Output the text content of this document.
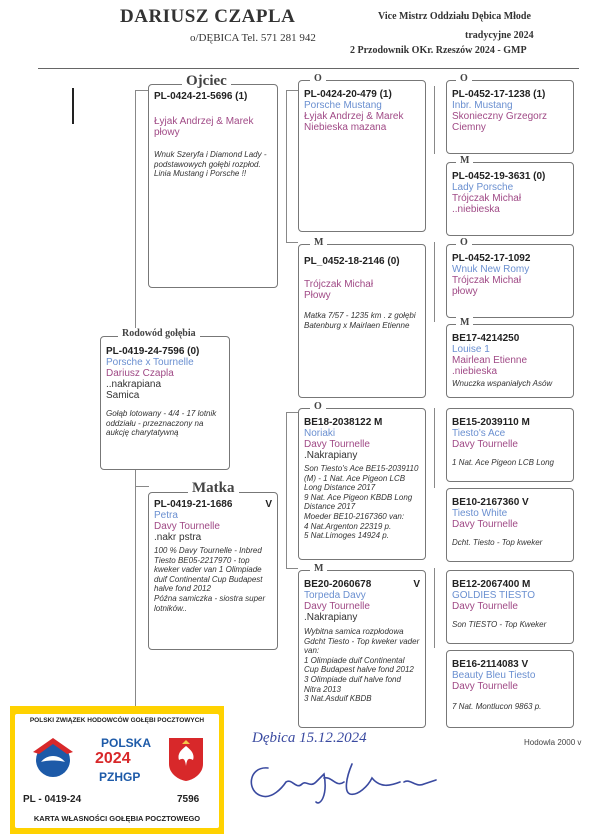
DARIUSZ CZAPLA
o/DĘBICA Tel. 571 281 942
Vice Mistrz Oddziału Dębica Młode
tradycyjne 2024
2 Przodownik OKr. Rzeszów 2024 - GMP
PL-0424-21-5696 (1)
Łyjak Andrzej & Marek
płowy
Wnuk Szeryfa i Diamond Lady - podstawowych gołębi rozpłod. Linia Mustang i Porsche !!
Ojciec
PL-0419-24-7596 (0)
Porsche x Tournelle
Dariusz Czapla
..nakrapiana
Samica
Gołąb lotowany - 4/4 - 17 lotnik oddziału - przeznaczony na aukcję charytatywną
Rodowód gołębia
PL-0419-21-1686	V
Petra
Davy Tournelle
.nakr pstra
100 % Davy Tournelle - Inbred Tiesto BE05-2217970 - top kweker vader van 1 Olimpiade duif Continental Cup Budapest halve fond 2012
Późna samiczka - siostra super lotników..
Matka
PL-0424-20-479 (1)
Porsche Mustang
Łyjak Andrzej & Marek
Niebieska mazana
O
PL_0452-18-2146 (0)
Trójczak Michał
Płowy
Matka 7/57 - 1235 km . z gołębi Batenburg x Mairlaen Etienne
M
BE18-2038122 M
Noriaki
Davy Tournelle
.Nakrapiany
Son Tiesto's Ace BE15-2039110 (M) - 1 Nat. Ace Pigeon LCB Long Distance 2017
9 Nat. Ace Pigeon KBDB Long Distance 2017
Moeder BE10-2167360 van:
4 Nat.Argenton 22319 p.
5 Nat.Limoges 14924 p.
O
BE20-2060678	V
Torpeda Davy
Davy Tournelle
.Nakrapiany
Wybitna samica rozpłodowa Gdcht Tiesto - Top kweker vader van:
1 Olimpiade duif Continental Cup Budapest halve fond 2012
3 Olimpiade duif halve fond Nitra 2013
3 Nat.Asduif KBDB
M
PL-0452-17-1238 (1)
Inbr. Mustang
Skonieczny Grzegorz
Ciemny
O
PL-0452-19-3631 (0)
Lady Porsche
Trójczak Michał
..niebieska
M
PL-0452-17-1092
Wnuk New Romy
Trójczak Michał
płowy
O
BE17-4214250
Louise 1
Mairlean Etienne
.niebieska
Wnuczka wspaniałych Asów
M
BE15-2039110 M
Tiesto's Ace
Davy Tournelle
1 Nat. Ace Pigeon LCB Long
BE10-2167360 V
Tiesto White
Davy Tournelle
Dcht. Tiesto - Top kweker
BE12-2067400 M
GOLDIES TIESTO
Davy Tournelle
Son TIESTO - Top Kweker
BE16-2114083 V
Beauty Bleu Tiesto
Davy Tournelle
7 Nat. Montlucon 9863 p.
Hodowla 2000 v
Dębica 15.12.2024
POLSKI ZWIĄZEK HODOWCÓW GOŁĘBI POCZTOWYCH
PZHGP
POLSKA
2024
PZHGP
PL - 0419-24	7596
KARTA WŁASNOŚCI GOŁĘBIA POCZTOWEGO
